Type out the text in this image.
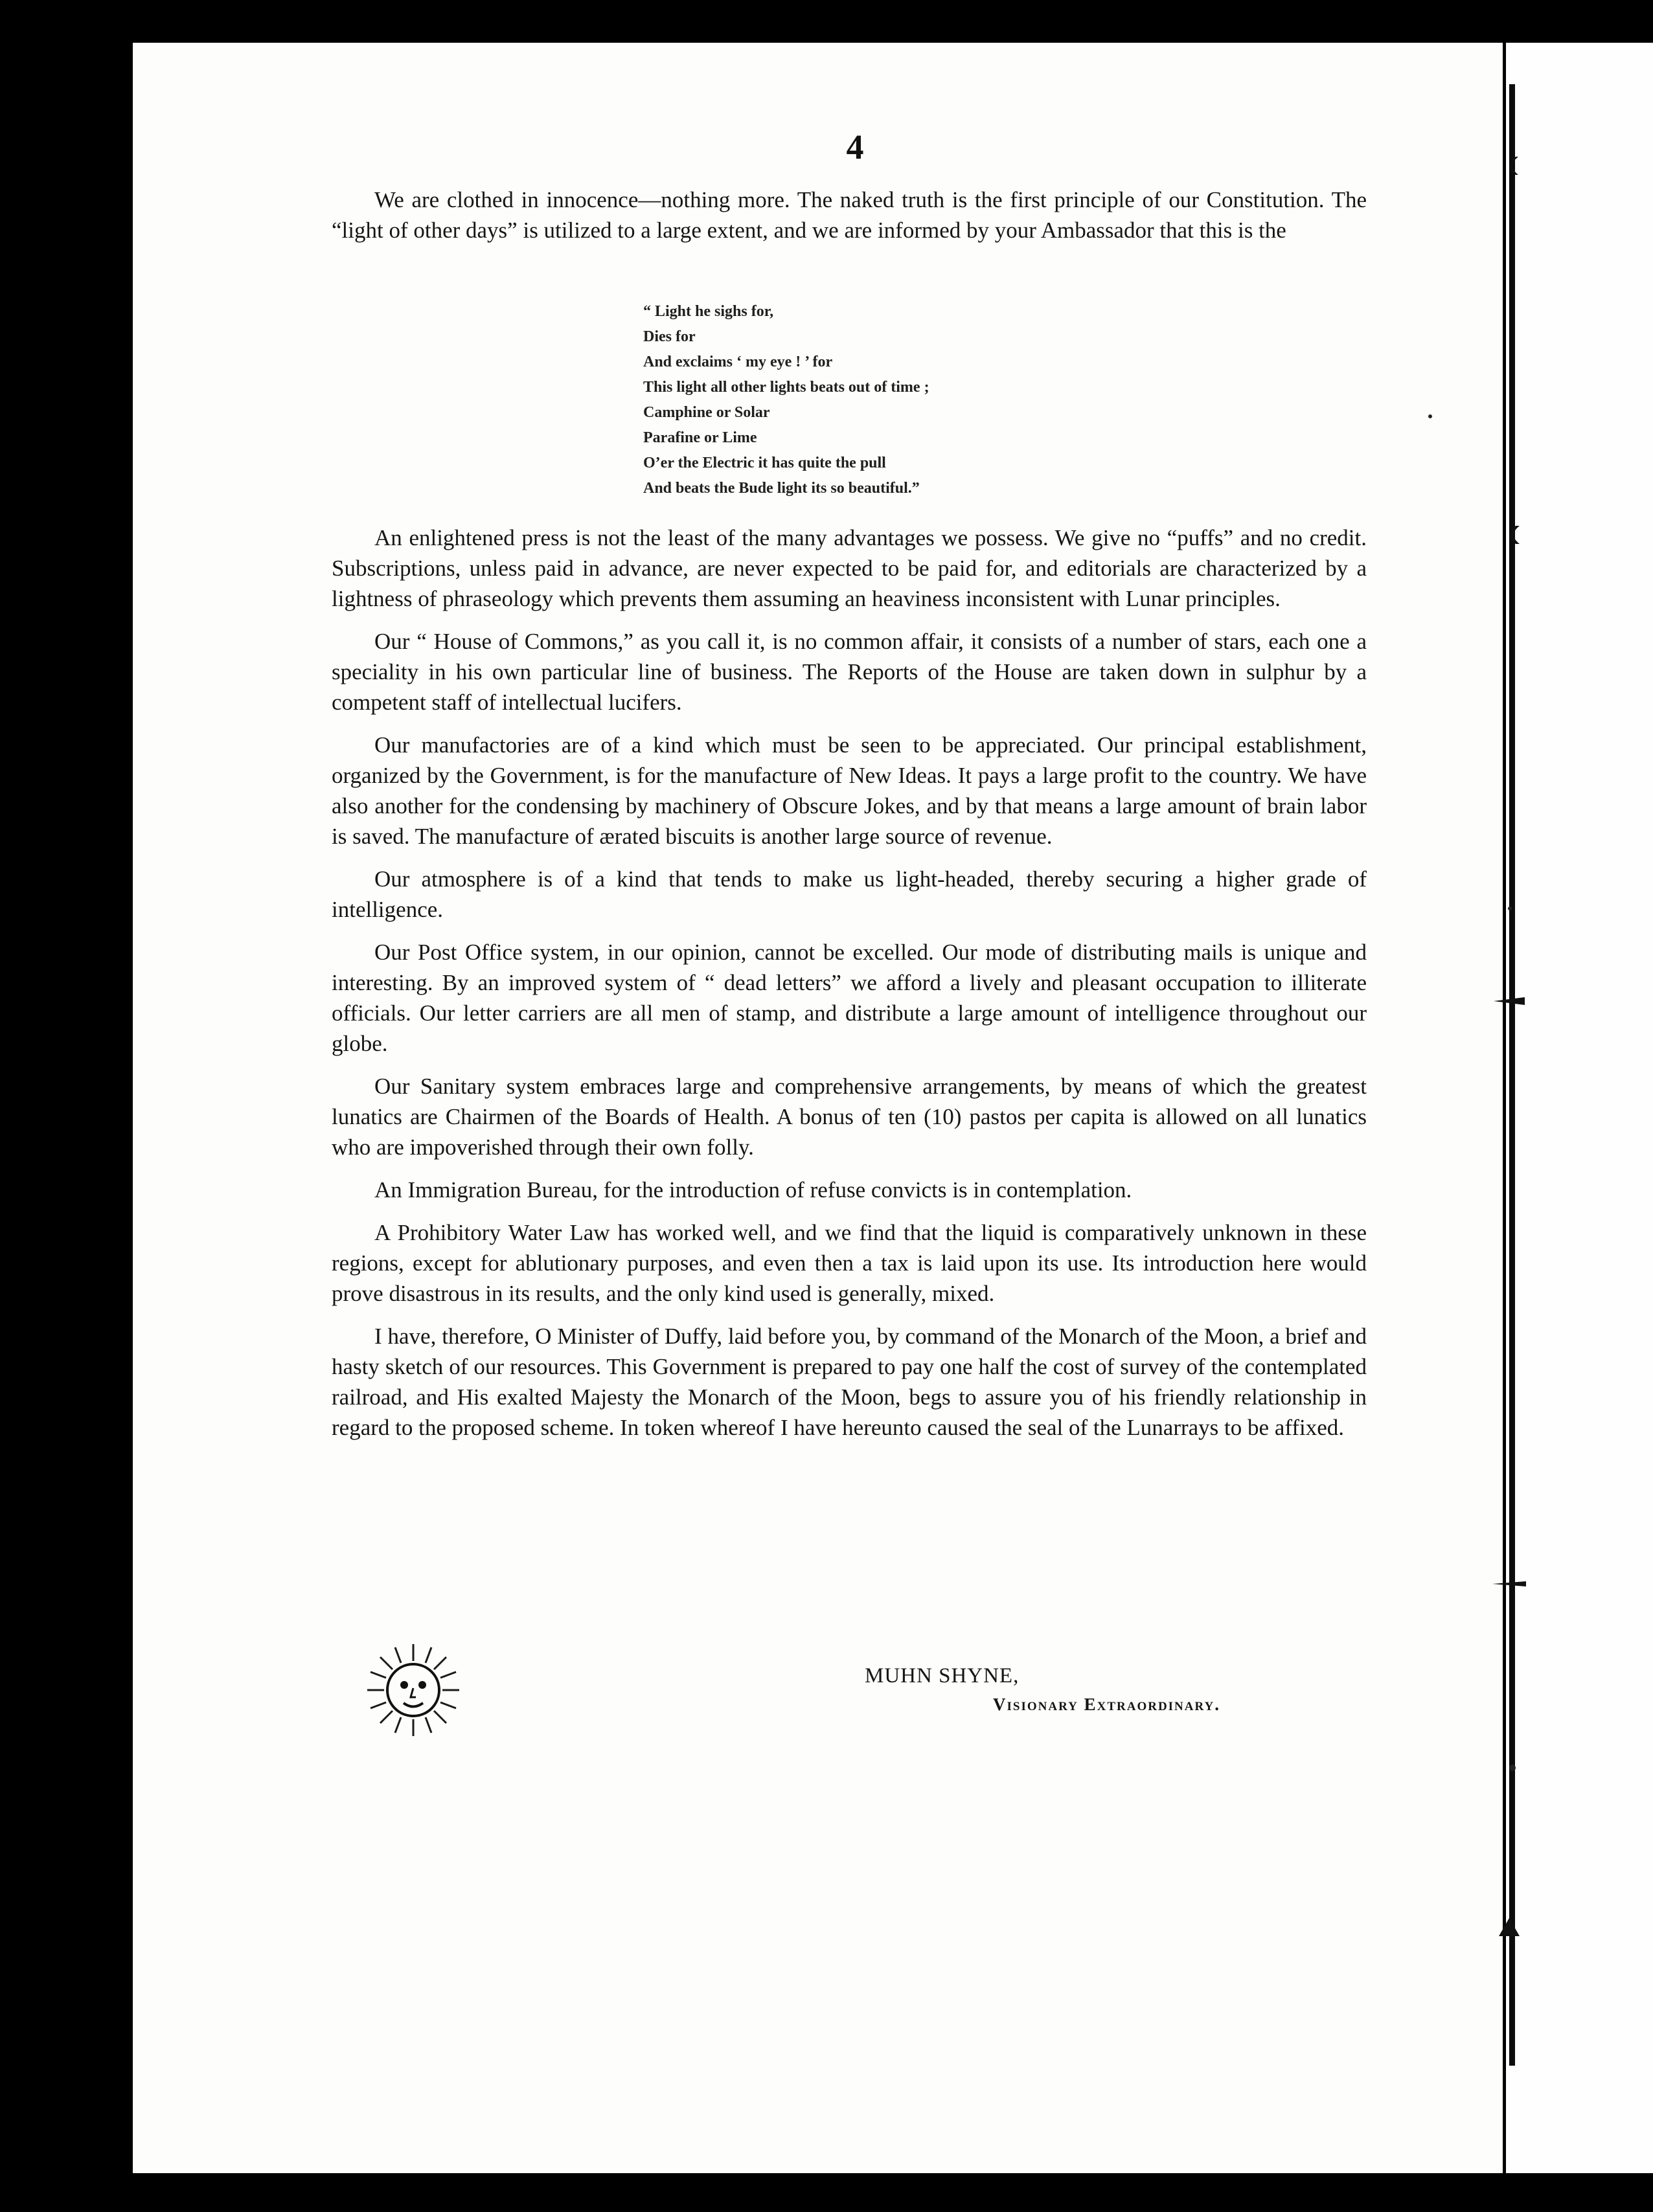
4

We are clothed in innocence—nothing more. The naked truth is the first principle of our Constitution. The “light of other days” is utilized to a large extent, and we are informed by your Ambassador that this is the

“ Light he sighs for,
Dies for
And exclaims ‘ my eye ! ’ for
This light all other lights beats out of time ;
Camphine or Solar
Parafine or Lime
O’er the Electric it has quite the pull
And beats the Bude light its so beautiful.”

An enlightened press is not the least of the many advantages we possess. We give no “puffs” and no credit. Subscriptions, unless paid in advance, are never expected to be paid for, and editorials are characterized by a lightness of phraseology which prevents them assuming an heaviness inconsistent with Lunar principles.

Our “ House of Commons,” as you call it, is no common affair, it consists of a number of stars, each one a speciality in his own particular line of business. The Reports of the House are taken down in sulphur by a competent staff of intellectual lucifers.

Our manufactories are of a kind which must be seen to be appreciated. Our principal establishment, organized by the Government, is for the manufacture of New Ideas. It pays a large profit to the country. We have also another for the condensing by machinery of Obscure Jokes, and by that means a large amount of brain labor is saved. The manufacture of ærated biscuits is another large source of revenue.

Our atmosphere is of a kind that tends to make us light-headed, thereby securing a higher grade of intelligence.

Our Post Office system, in our opinion, cannot be excelled. Our mode of distributing mails is unique and interesting. By an improved system of “ dead letters” we afford a lively and pleasant occupation to illiterate officials. Our letter carriers are all men of stamp, and distribute a large amount of intelligence throughout our globe.

Our Sanitary system embraces large and comprehensive arrangements, by means of which the greatest lunatics are Chairmen of the Boards of Health. A bonus of ten (10) pastos per capita is allowed on all lunatics who are impoverished through their own folly.

An Immigration Bureau, for the introduction of refuse convicts is in contemplation.

A Prohibitory Water Law has worked well, and we find that the liquid is comparatively unknown in these regions, except for ablutionary purposes, and even then a tax is laid upon its use. Its introduction here would prove disastrous in its results, and the only kind used is generally, mixed.

I have, therefore, O Minister of Duffy, laid before you, by command of the Monarch of the Moon, a brief and hasty sketch of our resources. This Government is prepared to pay one half the cost of survey of the contemplated railroad, and His exalted Majesty the Monarch of the Moon, begs to assure you of his friendly relationship in regard to the proposed scheme. In token whereof I have hereunto caused the seal of the Lunarrays to be affixed.

MUHN SHYNE,
Visionary Extraordinary.
